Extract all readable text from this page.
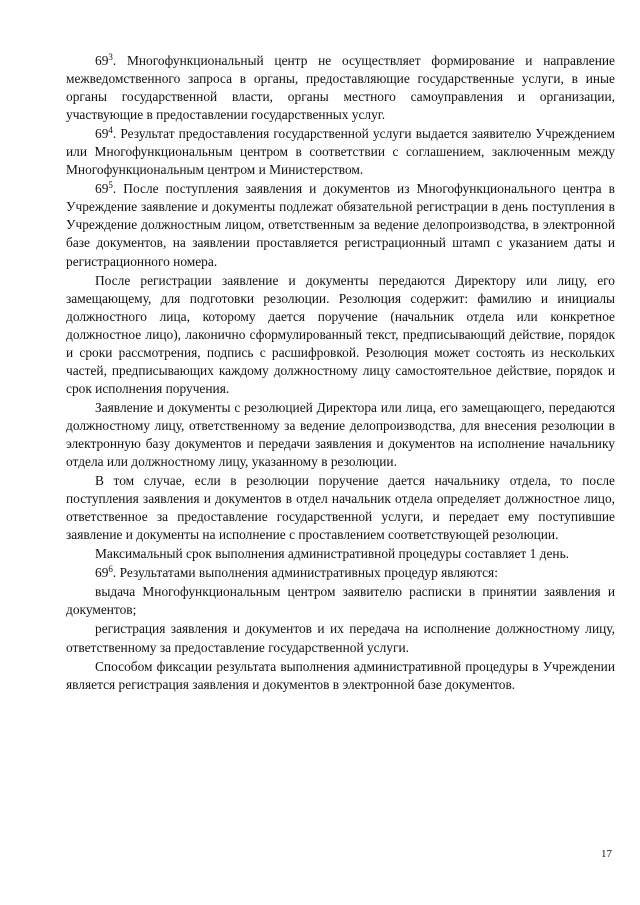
$69^3$. Многофункциональный центр не осуществляет формирование и направление межведомственного запроса в органы, предоставляющие государственные услуги, в иные органы государственной власти, органы местного самоуправления и организации, участвующие в предоставлении государственных услуг.

$69^4$. Результат предоставления государственной услуги выдается заявителю Учреждением или Многофункциональным центром в соответствии с соглашением, заключенным между Многофункциональным центром и Министерством.

$69^5$. После поступления заявления и документов из Многофункционального центра в Учреждение заявление и документы подлежат обязательной регистрации в день поступления в Учреждение должностным лицом, ответственным за ведение делопроизводства, в электронной базе документов, на заявлении проставляется регистрационный штамп с указанием даты и регистрационного номера.

После регистрации заявление и документы передаются Директору или лицу, его замещающему, для подготовки резолюции. Резолюция содержит: фамилию и инициалы должностного лица, которому дается поручение (начальник отдела или конкретное должностное лицо), лаконично сформулированный текст, предписывающий действие, порядок и сроки рассмотрения, подпись с расшифровкой. Резолюция может состоять из нескольких частей, предписывающих каждому должностному лицу самостоятельное действие, порядок и срок исполнения поручения.

Заявление и документы с резолюцией Директора или лица, его замещающего, передаются должностному лицу, ответственному за ведение делопроизводства, для внесения резолюции в электронную базу документов и передачи заявления и документов на исполнение начальнику отдела или должностному лицу, указанному в резолюции.

В том случае, если в резолюции поручение дается начальнику отдела, то после поступления заявления и документов в отдел начальник отдела определяет должностное лицо, ответственное за предоставление государственной услуги, и передает ему поступившие заявление и документы на исполнение с проставлением соответствующей резолюции.

Максимальный срок выполнения административной процедуры составляет 1 день.

$69^6$. Результатами выполнения административных процедур являются:

выдача Многофункциональным центром заявителю расписки в принятии заявления и документов;

регистрация заявления и документов и их передача на исполнение должностному лицу, ответственному за предоставление государственной услуги.

Способом фиксации результата выполнения административной процедуры в Учреждении является регистрация заявления и документов в электронной базе документов.

17
